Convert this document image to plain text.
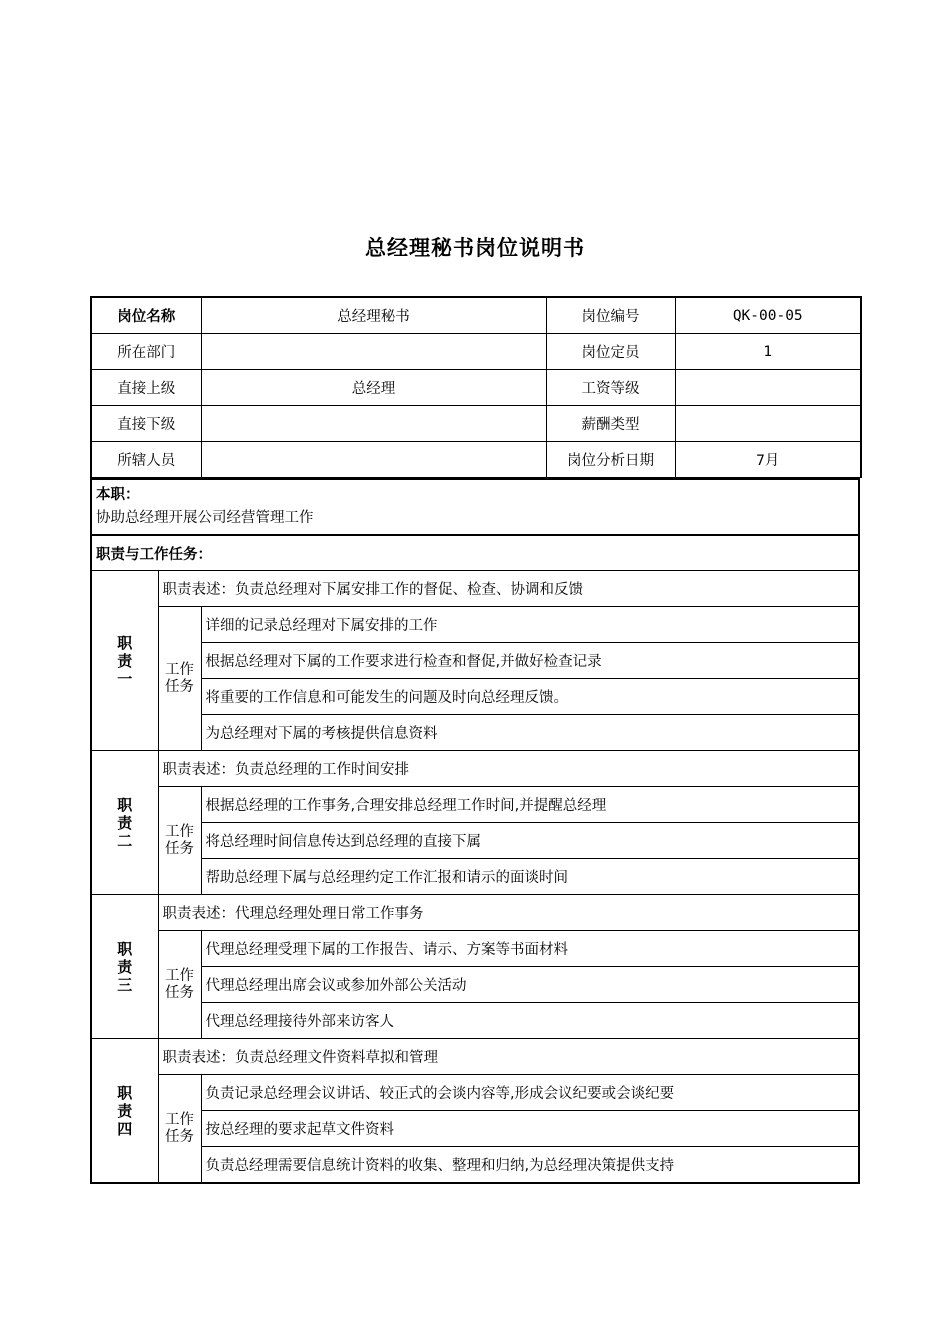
总经理秘书岗位说明书
岗位名称	总经理秘书	岗位编号	QK-00-05
所在部门		岗位定员	1
直接上级	总经理	工资等级	
直接下级		薪酬类型	
所辖人员		岗位分析日期	7月
本职：
协助总经理开展公司经营管理工作
职责与工作任务：
职
责
一	职责表述：负责总经理对下属安排工作的督促、检查、协调和反馈	

	工作
任务	详细的记录总经理对下属安排的工作
		根据总经理对下属的工作要求进行检查和督促,并做好检查记录
		将重要的工作信息和可能发生的问题及时向总经理反馈。
		为总经理对下属的考核提供信息资料

职
责
二	职责表述：负责总经理的工作时间安排	

	工作
任务	根据总经理的工作事务,合理安排总经理工作时间,并提醒总经理
		将总经理时间信息传达到总经理的直接下属
		帮助总经理下属与总经理约定工作汇报和请示的面谈时间

职
责
三	职责表述：代理总经理处理日常工作事务	

	工作
任务	代理总经理受理下属的工作报告、请示、方案等书面材料
		代理总经理出席会议或参加外部公关活动
		代理总经理接待外部来访客人

职
责
四	职责表述：负责总经理文件资料草拟和管理	

	工作
任务	负责记录总经理会议讲话、较正式的会谈内容等,形成会议纪要或会谈纪要
		按总经理的要求起草文件资料
		负责总经理需要信息统计资料的收集、整理和归纳,为总经理决策提供支持
